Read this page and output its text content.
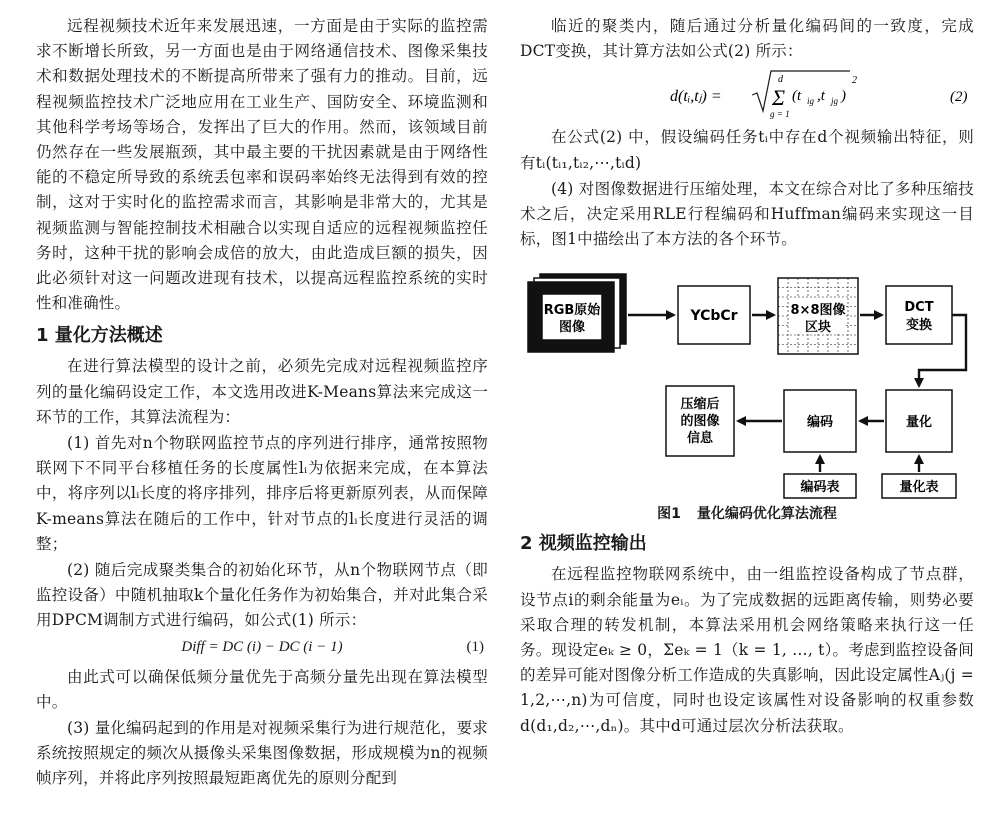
远程视频技术近年来发展迅速，一方面是由于实际的监控需求不断增长所致，另一方面也是由于网络通信技术、图像采集技术和数据处理技术的不断提高所带来了强有力的推动。目前，远程视频监控技术广泛地应用在工业生产、国防安全、环境监测和其他科学考场等场合，发挥出了巨大的作用。然而，该领域目前仍然存在一些发展瓶颈，其中最主要的干扰因素就是由于网络性能的不稳定所导致的系统丢包率和误码率始终无法得到有效的控制，这对于实时化的监控需求而言，其影响是非常大的，尤其是视频监测与智能控制技术相融合以实现自适应的远程视频监控任务时，这种干扰的影响会成倍的放大，由此造成巨额的损失，因此必须针对这一问题改进现有技术，以提高远程监控系统的实时性和准确性。

1 量化方法概述

在进行算法模型的设计之前，必须先完成对远程视频监控序列的量化编码设定工作，本文选用改进K-Means算法来完成这一环节的工作，其算法流程为：

(1) 首先对n个物联网监控节点的序列进行排序，通常按照物联网下不同平台移植任务的长度属性lᵢ为依据来完成，在本算法中，将序列以lᵢ长度的将序排列，排序后将更新原列表，从而保障K-means算法在随后的工作中，针对节点的lᵢ长度进行灵活的调整；

(2) 随后完成聚类集合的初始化环节，从n个物联网节点（即监控设备）中随机抽取k个量化任务作为初始集合，并对此集合采用DPCM调制方式进行编码，如公式(1) 所示：

Diff = DC (i) − DC (i − 1)	(1)

由此式可以确保低频分量优先于高频分量先出现在算法模型中。

(3) 量化编码起到的作用是对视频采集行为进行规范化，要求系统按照规定的频次从摄像头采集图像数据，形成规模为n的视频帧序列，并将此序列按照最短距离优先的原则分配到

临近的聚类内，随后通过分析量化编码间的一致度，完成DCT变换，其计算方法如公式(2) 所示：

d(tᵢ,tⱼ) =
d
Σ
g = 1
(t ig ,t jg )
2
(2)

在公式(2) 中，假设编码任务tᵢ中存在d个视频输出特征，则有tᵢ(tᵢ₁,tᵢ₂,⋯,tᵢd)

(4) 对图像数据进行压缩处理，本文在综合对比了多种压缩技术之后，决定采用RLE行程编码和Huffman编码来实现这一目标，图1中描绘出了本方法的各个环节。

RGB原始
图像
YCbCr	8×8图像
区块
DCT
变换
量化
编码
压缩后
的图像
信息
编码表	量化表
图1 量化编码优化算法流程
2 视频监控输出

在远程监控物联网系统中，由一组监控设备构成了节点群，设节点i的剩余能量为eᵢ。为了完成数据的远距离传输，则势必要采取合理的转发机制，本算法采用机会网络策略来执行这一任务。现设定eₖ ≥ 0，Σeₖ = 1（k = 1, …, t）。考虑到监控设备间的差异可能对图像分析工作造成的失真影响，因此设定属性Aⱼ(j = 1,2,⋯,n)为可信度，同时也设定该属性对设备影响的权重参数d(d₁,d₂,⋯,dₙ)。其中d可通过层次分析法获取。
